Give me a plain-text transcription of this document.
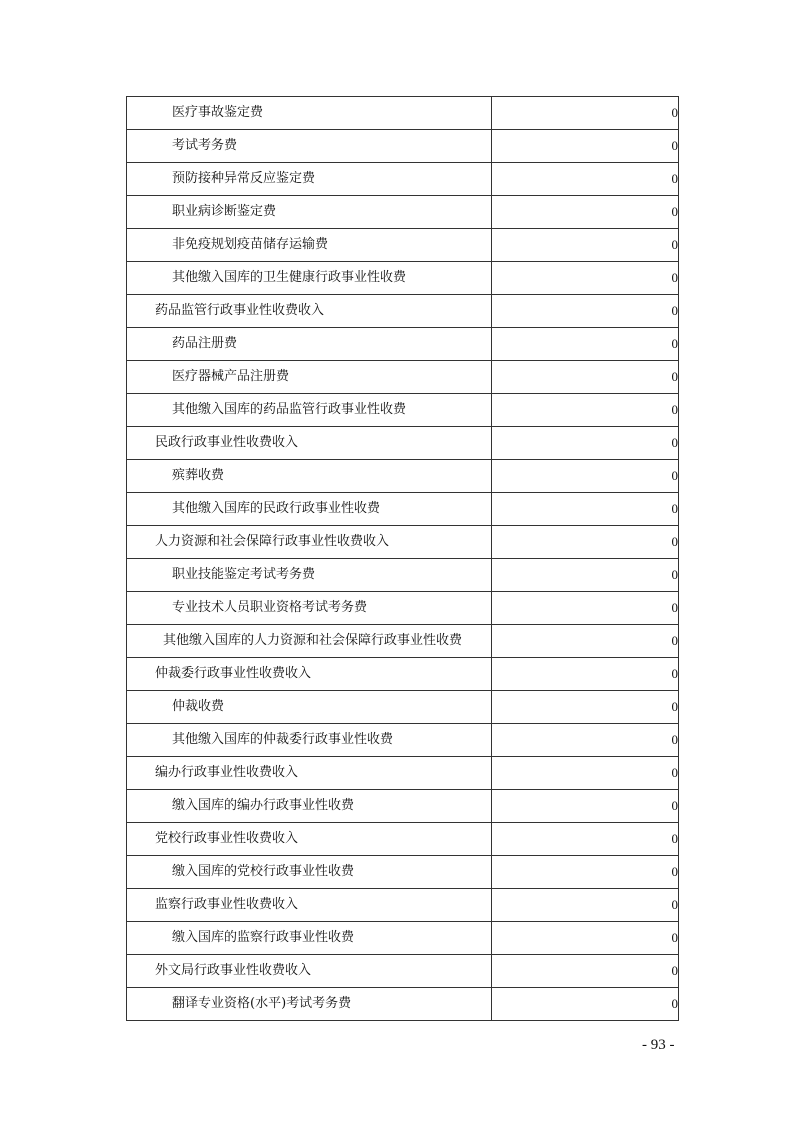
医疗事故鉴定费	0
考试考务费	0
预防接种异常反应鉴定费	0
职业病诊断鉴定费	0
非免疫规划疫苗储存运输费	0
其他缴入国库的卫生健康行政事业性收费	0
药品监管行政事业性收费收入	0
药品注册费	0
医疗器械产品注册费	0
其他缴入国库的药品监管行政事业性收费	0
民政行政事业性收费收入	0
殡葬收费	0
其他缴入国库的民政行政事业性收费	0
人力资源和社会保障行政事业性收费收入	0
职业技能鉴定考试考务费	0
专业技术人员职业资格考试考务费	0
其他缴入国库的人力资源和社会保障行政事业性收费	0
仲裁委行政事业性收费收入	0
仲裁收费	0
其他缴入国库的仲裁委行政事业性收费	0
编办行政事业性收费收入	0
缴入国库的编办行政事业性收费	0
党校行政事业性收费收入	0
缴入国库的党校行政事业性收费	0
监察行政事业性收费收入	0
缴入国库的监察行政事业性收费	0
外文局行政事业性收费收入	0
翻译专业资格(水平)考试考务费	0
- 93 -
